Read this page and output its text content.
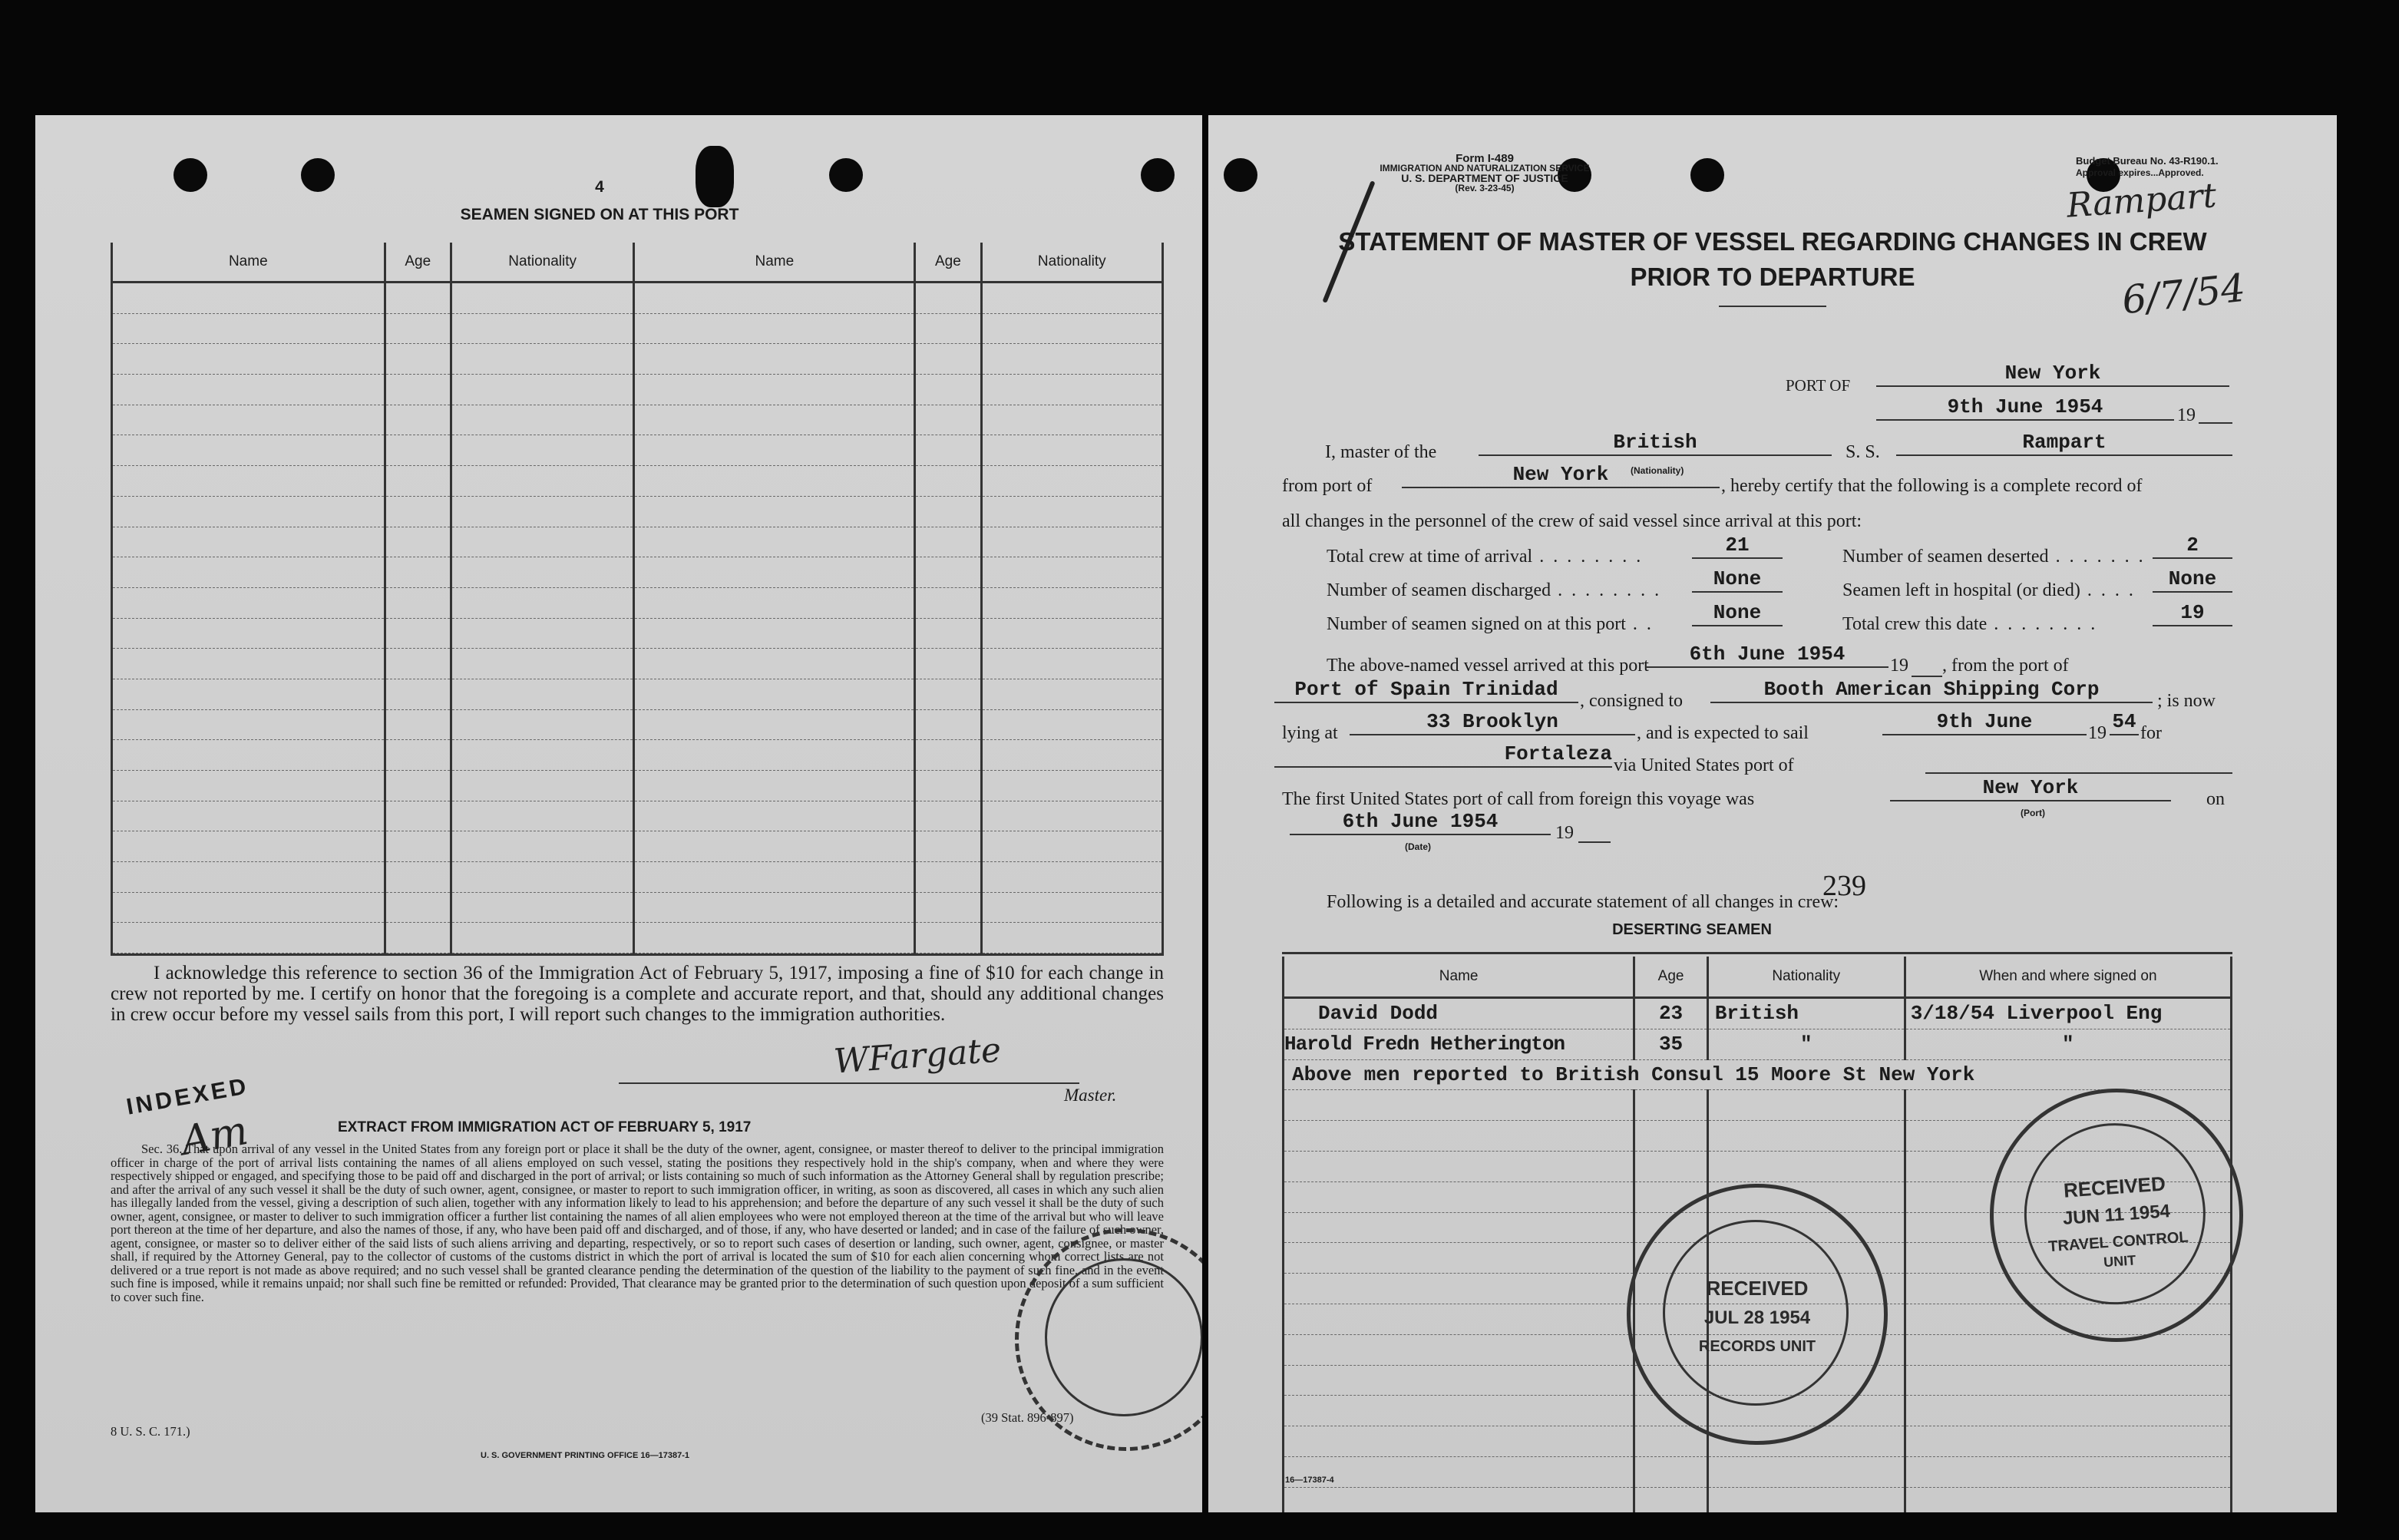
4
SEAMEN SIGNED ON AT THIS PORT
Name	Age	Nationality	Name	Age	Nationality

I acknowledge this reference to section 36 of the Immigration Act of February 5, 1917, imposing a fine of $10 for each change in crew not reported by me. I certify on honor that the foregoing is a complete and accurate report, and that, should any additional changes in crew occur before my vessel sails from this port, I will report such changes to the immigration authorities.
WFargate
Master.
INDEXED
Am	EXTRACT FROM IMMIGRATION ACT OF FEBRUARY 5, 1917
Sec. 36. That upon arrival of any vessel in the United States from any foreign port or place it shall be the duty of the owner, agent, consignee, or master thereof to deliver to the principal immigration officer in charge of the port of arrival lists containing the names of all aliens employed on such vessel, stating the positions they respectively hold in the ship's company, when and where they were respectively shipped or engaged, and specifying those to be paid off and discharged in the port of arrival; or lists containing so much of such information as the Attorney General shall by regulation prescribe; and after the arrival of any such vessel it shall be the duty of such owner, agent, consignee, or master to report to such immigration officer, in writing, as soon as discovered, all cases in which any such alien has illegally landed from the vessel, giving a description of such alien, together with any information likely to lead to his apprehension; and before the departure of any such vessel it shall be the duty of such owner, agent, consignee, or master to deliver to such immigration officer a further list containing the names of all alien employees who were not employed thereon at the time of the arrival but who will leave port thereon at the time of her departure, and also the names of those, if any, who have been paid off and discharged, and of those, if any, who have deserted or landed; and in case of the failure of such owner, agent, consignee, or master so to deliver either of the said lists of such aliens arriving and departing, respectively, or so to report such cases of desertion or landing, such owner, agent, consignee, or master shall, if required by the Attorney General, pay to the collector of customs of the customs district in which the port of arrival is located the sum of $10 for each alien concerning whom correct lists are not delivered or a true report is not made as above required; and no such vessel shall be granted clearance pending the determination of the question of the liability to the payment of such fine, and in the event such fine is imposed, while it remains unpaid; nor shall such fine be remitted or refunded: Provided, That clearance may be granted prior to the determination of such question upon deposit of a sum sufficient to cover such fine.
(39 Stat. 896-897)
8 U. S. C. 171.)
U. S. GOVERNMENT PRINTING OFFICE 16—17387-1
Form I-489
IMMIGRATION AND NATURALIZATION SERVICE
U. S. DEPARTMENT OF JUSTICE
(Rev. 3-23-45)
Budget Bureau No. 43-R190.1.
Approval expires...Approved.
Rampart
6/7/54
STATEMENT OF MASTER OF VESSEL REGARDING CHANGES IN CREW
PRIOR TO DEPARTURE
PORT OF
New York
9th June 1954	19
I, master of the	British
(Nationality)
S. S.	Rampart
from port of	New York	, hereby certify that the following is a complete record of
all changes in the personnel of the crew of said vessel since arrival at this port:
Total crew at time of arrival . . . . . . . .	21
Number of seamen discharged . . . . . . . .	None
Number of seamen signed on at this port . .	None
Number of seamen deserted . . . . . . .	2
Seamen left in hospital (or died) . . . .	None
Total crew this date . . . . . . . .	19
The above-named vessel arrived at this port	6th June 1954	19 , from the port of
Port of Spain Trinidad	, consigned to	Booth American Shipping Corp	; is now
lying at	33 Brooklyn	, and is expected to sail	9th June	19 54 for
Fortaleza via United States port of
The first United States port of call from foreign this voyage was	New York
(Port)
on
6th June 1954
(Date)
19
239
Following is a detailed and accurate statement of all changes in crew:
DESERTING SEAMEN
Name	Age	Nationality	When and where signed on
David Dodd	23	British	3/18/54 Liverpool Eng
Harold Fredn Hetherington	35	"	"
Above men reported to British Consul 15 Moore St New York			

16—17387-4
RECEIVED
JUL 28 1954
RECORDS UNIT
RECEIVED
JUN 11 1954
TRAVEL CONTROL
UNIT
